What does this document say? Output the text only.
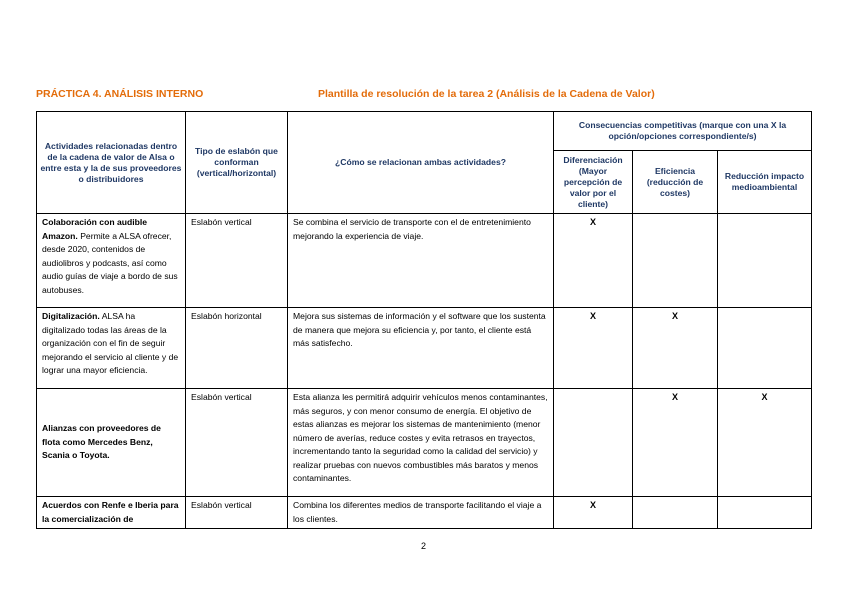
PRÁCTICA 4. ANÁLISIS INTERNO	Plantilla de resolución de la tarea 2 (Análisis de la Cadena de Valor)
Actividades relacionadas dentro de la cadena de valor de Alsa o entre esta y la de sus proveedores o distribuidores	Tipo de eslabón que conforman (vertical/horizontal)	¿Cómo se relacionan ambas actividades?	Consecuencias competitivas (marque con una X la opción/opciones correspondiente/s)		
			Diferenciación (Mayor percepción de valor por el cliente)	Eficiencia (reducción de costes)	Reducción impacto medioambiental
Colaboración con audible Amazon. Permite a ALSA ofrecer, desde 2020, contenidos de audiolibros y podcasts, así como audio guías de viaje a bordo de sus autobuses.	Eslabón vertical	Se combina el servicio de transporte con el de entretenimiento mejorando la experiencia de viaje.	X		
Digitalización. ALSA ha digitalizado todas las áreas de la organización con el fin de seguir mejorando el servicio al cliente y de lograr una mayor eficiencia.	Eslabón horizontal	Mejora sus sistemas de información y el software que los sustenta de manera que mejora su eficiencia y, por tanto, el cliente está más satisfecho.	X	X	
Alianzas con proveedores de flota como Mercedes Benz, Scania o Toyota.	Eslabón vertical	Esta alianza les permitirá adquirir vehículos menos contaminantes, más seguros, y con menor consumo de energía. El objetivo de estas alianzas es mejorar los sistemas de mantenimiento (menor número de averías, reduce costes y evita retrasos en trayectos, incrementando tanto la seguridad como la calidad del servicio) y realizar pruebas con nuevos combustibles más baratos y menos contaminantes.		X	X
Acuerdos con Renfe e Iberia para la comercialización de	Eslabón vertical	Combina los diferentes medios de transporte facilitando el viaje a los clientes.	X		
2
